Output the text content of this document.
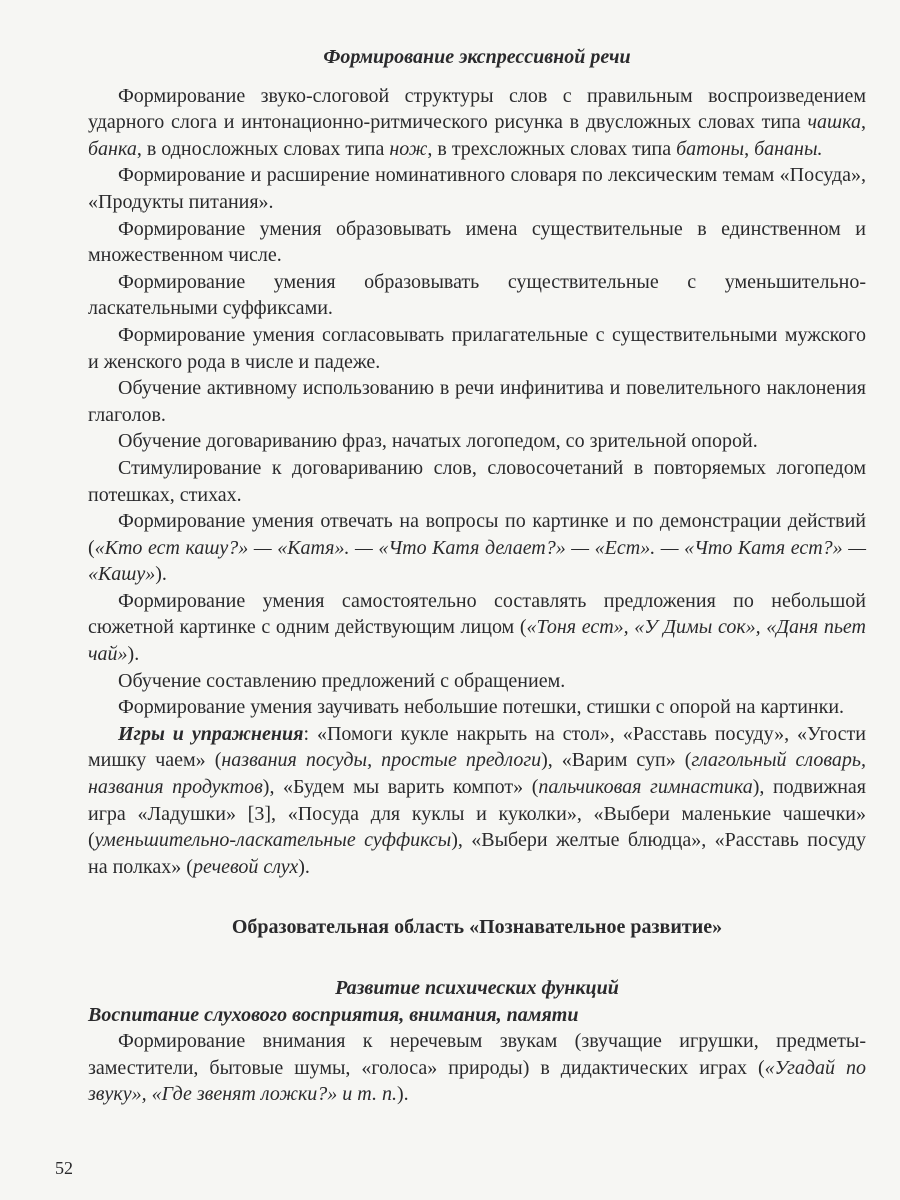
Формирование экспрессивной речи

Формирование звуко-слоговой структуры слов с правильным воспроизведением ударного слога и интонационно-ритмического рисунка в двусложных словах типа чашка, банка, в односложных словах типа нож, в трехсложных словах типа батоны, бананы.

Формирование и расширение номинативного словаря по лексическим темам «Посуда», «Продукты питания».

Формирование умения образовывать имена существительные в единственном и множественном числе.

Формирование умения образовывать существительные с уменьшительно-ласкательными суффиксами.

Формирование умения согласовывать прилагательные с существительными мужского и женского рода в числе и падеже.

Обучение активному использованию в речи инфинитива и повелительного наклонения глаголов.

Обучение договариванию фраз, начатых логопедом, со зрительной опорой.

Стимулирование к договариванию слов, словосочетаний в повторяемых логопедом потешках, стихах.

Формирование умения отвечать на вопросы по картинке и по демонстрации действий («Кто ест кашу?» — «Катя». — «Что Катя делает?» — «Ест». — «Что Катя ест?» — «Кашу»).

Формирование умения самостоятельно составлять предложения по небольшой сюжетной картинке с одним действующим лицом («Тоня ест», «У Димы сок», «Даня пьет чай»).

Обучение составлению предложений с обращением.

Формирование умения заучивать небольшие потешки, стишки с опорой на картинки.

Игры и упражнения: «Помоги кукле накрыть на стол», «Расставь посуду», «Угости мишку чаем» (названия посуды, простые предлоги), «Варим суп» (глагольный словарь, названия продуктов), «Будем мы варить компот» (пальчиковая гимнастика), подвижная игра «Ладушки» [3], «Посуда для куклы и куколки», «Выбери маленькие чашечки» (уменьшительно-ласкательные суффиксы), «Выбери желтые блюдца», «Расставь посуду на полках» (речевой слух).

Образовательная область «Познавательное развитие»
Развитие психических функций
Воспитание слухового восприятия, внимания, памяти

Формирование внимания к неречевым звукам (звучащие игрушки, предметы-заместители, бытовые шумы, «голоса» природы) в дидактических играх («Угадай по звуку», «Где звенят ложки?» и т. п.).

52
